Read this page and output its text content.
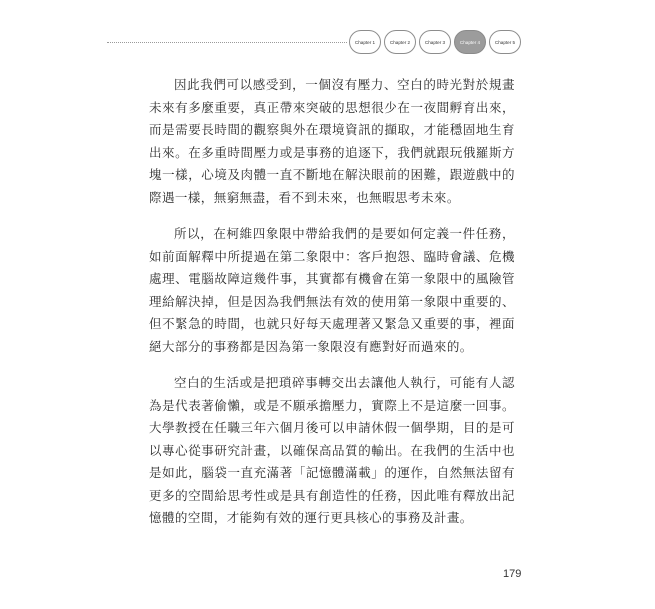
Chapter 1	Chapter 2	Chapter 3	Chapter 4	Chapter 5

因此我們可以感受到，一個沒有壓力、空白的時光對於規畫未來有多麼重要，真正帶來突破的思想很少在一夜間孵育出來，而是需要長時間的觀察與外在環境資訊的擷取，才能穩固地生育出來。在多重時間壓力或是事務的追逐下，我們就跟玩俄羅斯方塊一樣，心境及肉體一直不斷地在解決眼前的困難，跟遊戲中的際遇一樣，無窮無盡，看不到未來，也無暇思考未來。

所以，在柯維四象限中帶給我們的是要如何定義一件任務，如前面解釋中所提過在第二象限中：客戶抱怨、臨時會議、危機處理、電腦故障這幾件事，其實都有機會在第一象限中的風險管理給解決掉，但是因為我們無法有效的使用第一象限中重要的、但不緊急的時間，也就只好每天處理著又緊急又重要的事，裡面絕大部分的事務都是因為第一象限沒有應對好而過來的。

空白的生活或是把瑣碎事轉交出去讓他人執行，可能有人認為是代表著偷懶，或是不願承擔壓力，實際上不是這麼一回事。大學教授在任職三年六個月後可以申請休假一個學期，目的是可以專心從事研究計畫，以確保高品質的輸出。在我們的生活中也是如此，腦袋一直充滿著「記憶體滿載」的運作，自然無法留有更多的空間給思考性或是具有創造性的任務，因此唯有釋放出記憶體的空間，才能夠有效的運行更具核心的事務及計畫。

179
